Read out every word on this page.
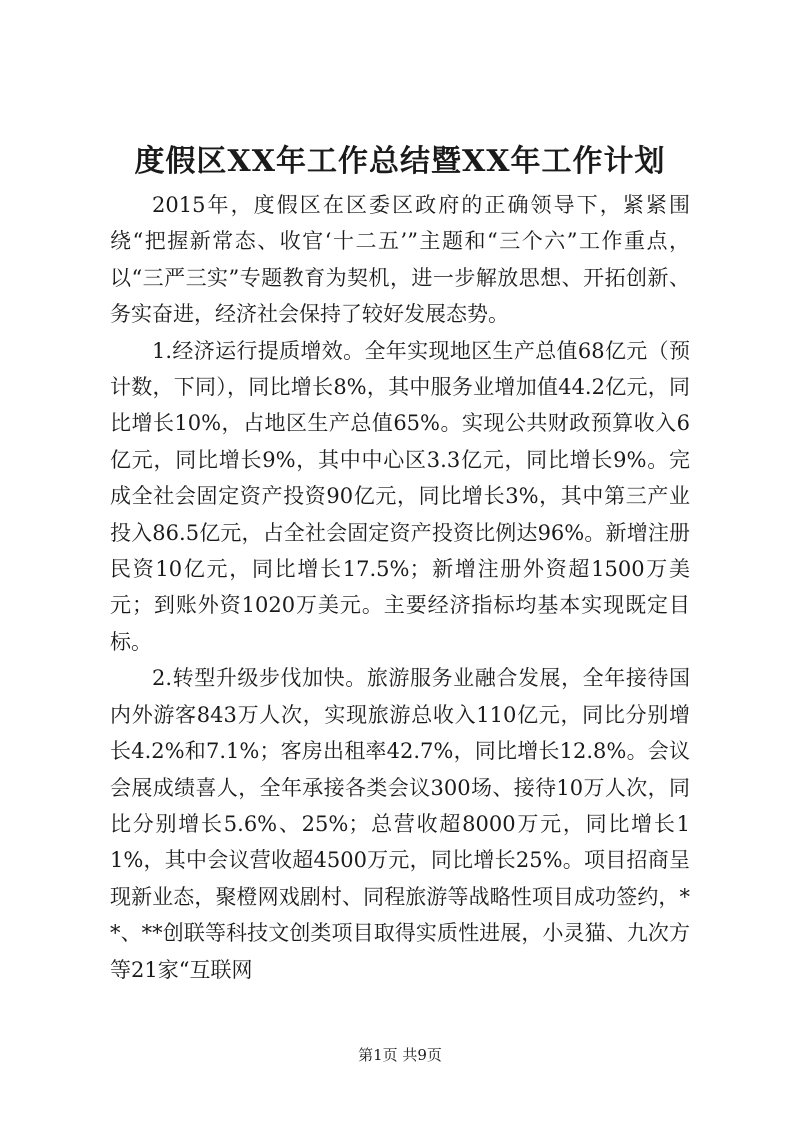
度假区XX年工作总结暨XX年工作计划

2015年，度假区在区委区政府的正确领导下，紧紧围绕“把握新常态、收官‘十二五’”主题和“三个六”工作重点，以“三严三实”专题教育为契机，进一步解放思想、开拓创新、务实奋进，经济社会保持了较好发展态势。

1.经济运行提质增效。全年实现地区生产总值68亿元（预计数，下同），同比增长8%，其中服务业增加值44.2亿元，同比增长10%，占地区生产总值65%。实现公共财政预算收入6亿元，同比增长9%，其中中心区3.3亿元，同比增长9%。完成全社会固定资产投资90亿元，同比增长3%，其中第三产业投入86.5亿元，占全社会固定资产投资比例达96%。新增注册民资10亿元，同比增长17.5%；新增注册外资超1500万美元；到账外资1020万美元。主要经济指标均基本实现既定目标。

2.转型升级步伐加快。旅游服务业融合发展，全年接待国内外游客843万人次，实现旅游总收入110亿元，同比分别增长4.2%和7.1%；客房出租率42.7%，同比增长12.8%。会议会展成绩喜人，全年承接各类会议300场、接待10万人次，同比分别增长5.6%、25%；总营收超8000万元，同比增长11%，其中会议营收超4500万元，同比增长25%。项目招商呈现新业态，聚橙网戏剧村、同程旅游等战略性项目成功签约，**、**创联等科技文创类项目取得实质性进展，小灵猫、九次方等21家“互联网

第1页 共9页
